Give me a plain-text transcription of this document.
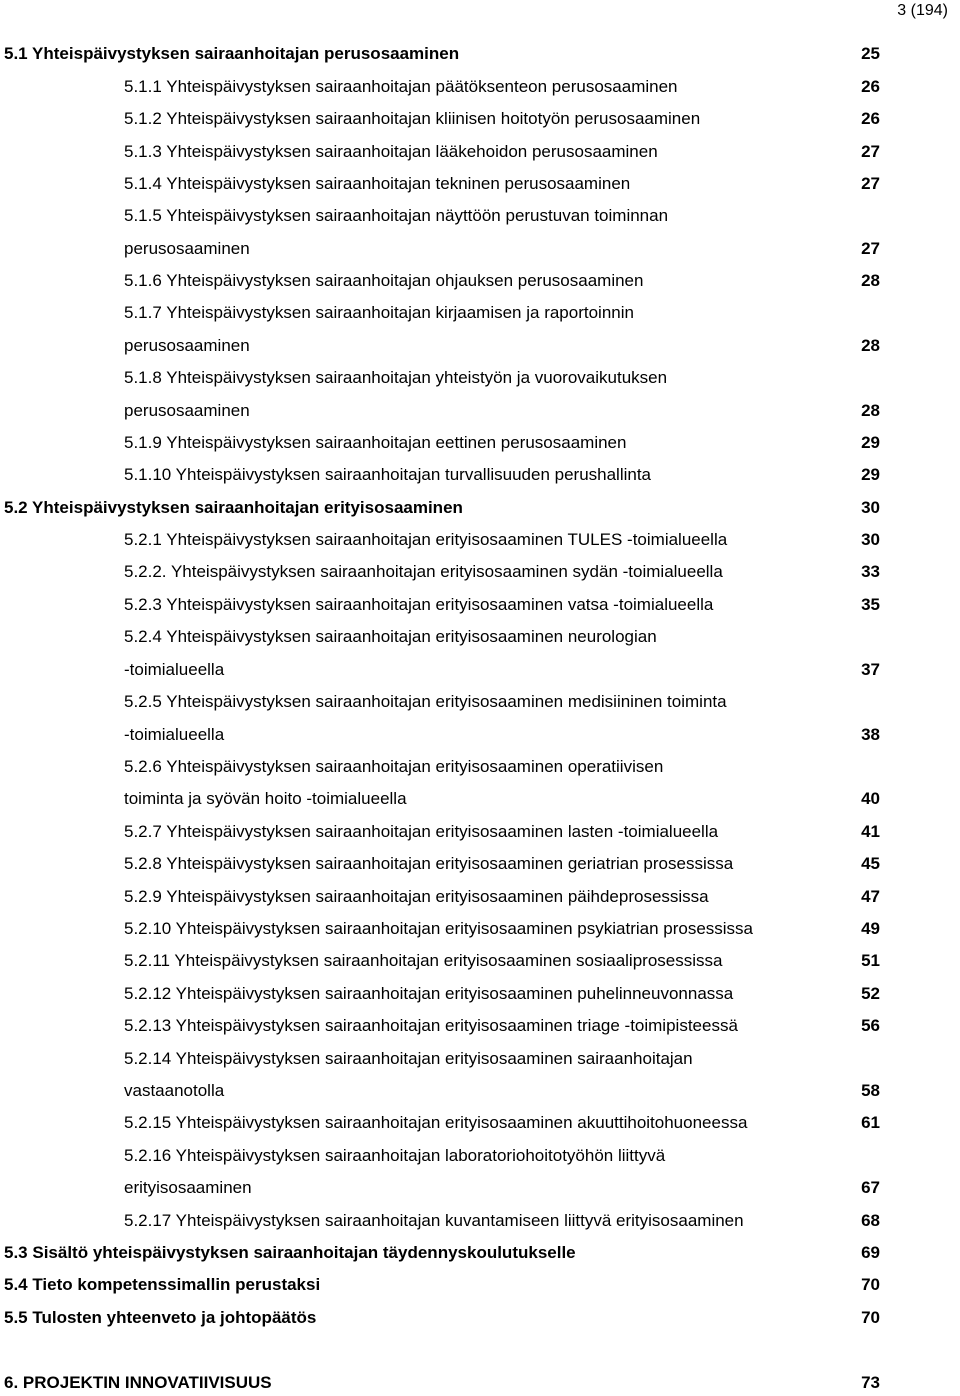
3 (194)
5.1 Yhteispäivystyksen sairaanhoitajan perusosaaminen	25
5.1.1 Yhteispäivystyksen sairaanhoitajan päätöksenteon perusosaaminen	26
5.1.2 Yhteispäivystyksen sairaanhoitajan kliinisen hoitotyön perusosaaminen	26
5.1.3 Yhteispäivystyksen sairaanhoitajan lääkehoidon perusosaaminen	27
5.1.4 Yhteispäivystyksen sairaanhoitajan tekninen perusosaaminen	27
5.1.5 Yhteispäivystyksen sairaanhoitajan näyttöön perustuvan toiminnan
perusosaaminen	27
5.1.6 Yhteispäivystyksen sairaanhoitajan ohjauksen perusosaaminen	28
5.1.7 Yhteispäivystyksen sairaanhoitajan kirjaamisen ja raportoinnin
perusosaaminen	28
5.1.8 Yhteispäivystyksen sairaanhoitajan yhteistyön ja vuorovaikutuksen
perusosaaminen	28
5.1.9 Yhteispäivystyksen sairaanhoitajan eettinen perusosaaminen	29
5.1.10 Yhteispäivystyksen sairaanhoitajan turvallisuuden perushallinta	29
5.2 Yhteispäivystyksen sairaanhoitajan erityisosaaminen	30
5.2.1 Yhteispäivystyksen sairaanhoitajan erityisosaaminen TULES -toimialueella	30
5.2.2. Yhteispäivystyksen sairaanhoitajan erityisosaaminen sydän -toimialueella	33
5.2.3 Yhteispäivystyksen sairaanhoitajan erityisosaaminen vatsa -toimialueella	35
5.2.4 Yhteispäivystyksen sairaanhoitajan erityisosaaminen neurologian
-toimialueella	37
5.2.5 Yhteispäivystyksen sairaanhoitajan erityisosaaminen medisiininen toiminta
-toimialueella	38
5.2.6 Yhteispäivystyksen sairaanhoitajan erityisosaaminen operatiivisen
toiminta ja syövän hoito -toimialueella	40
5.2.7 Yhteispäivystyksen sairaanhoitajan erityisosaaminen lasten -toimialueella	41
5.2.8 Yhteispäivystyksen sairaanhoitajan erityisosaaminen geriatrian prosessissa	45
5.2.9 Yhteispäivystyksen sairaanhoitajan erityisosaaminen päihdeprosessissa	47
5.2.10 Yhteispäivystyksen sairaanhoitajan erityisosaaminen psykiatrian prosessissa	49
5.2.11 Yhteispäivystyksen sairaanhoitajan erityisosaaminen sosiaaliprosessissa	51
5.2.12 Yhteispäivystyksen sairaanhoitajan erityisosaaminen puhelinneuvonnassa	52
5.2.13 Yhteispäivystyksen sairaanhoitajan erityisosaaminen triage -toimipisteessä	56
5.2.14 Yhteispäivystyksen sairaanhoitajan erityisosaaminen sairaanhoitajan
vastaanotolla	58
5.2.15 Yhteispäivystyksen sairaanhoitajan erityisosaaminen akuuttihoitohuoneessa	61
5.2.16 Yhteispäivystyksen sairaanhoitajan laboratoriohoitotyöhön liittyvä
erityisosaaminen	67
5.2.17 Yhteispäivystyksen sairaanhoitajan kuvantamiseen liittyvä erityisosaaminen	68
5.3 Sisältö yhteispäivystyksen sairaanhoitajan täydennyskoulutukselle	69
5.4 Tieto kompetenssimallin perustaksi	70
5.5 Tulosten yhteenveto ja johtopäätös	70
6. PROJEKTIN INNOVATIIVISUUS	73
